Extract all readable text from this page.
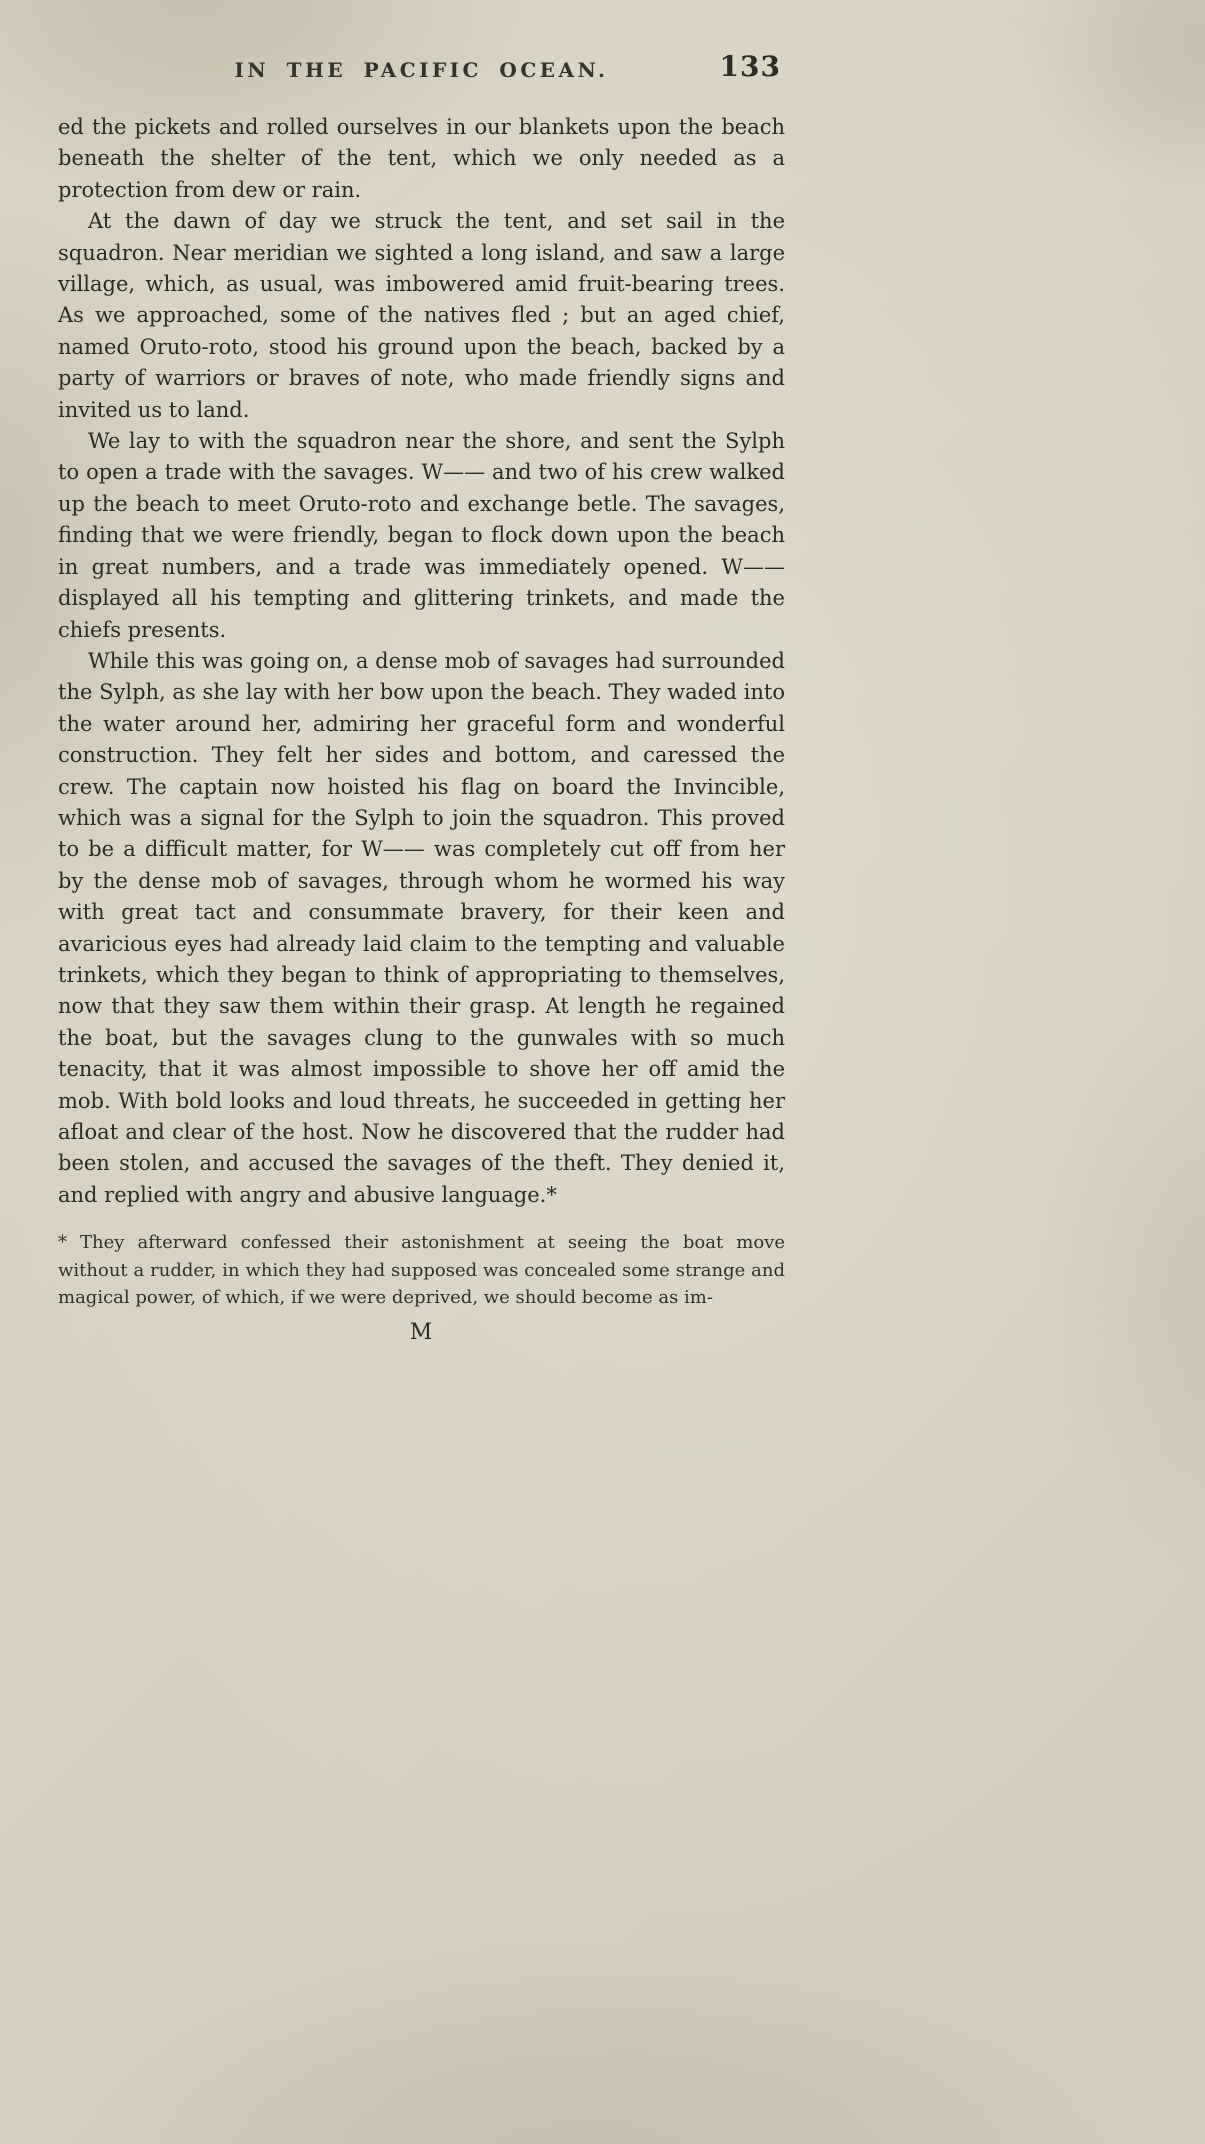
IN THE PACIFIC OCEAN.	133

ed the pickets and rolled ourselves in our blankets upon the beach beneath the shelter of the tent, which we only needed as a protection from dew or rain.

At the dawn of day we struck the tent, and set sail in the squadron. Near meridian we sighted a long island, and saw a large village, which, as usual, was imbowered amid fruit-bearing trees. As we approached, some of the natives fled ; but an aged chief, named Oruto-roto, stood his ground upon the beach, backed by a party of warriors or braves of note, who made friendly signs and invited us to land.

We lay to with the squadron near the shore, and sent the Sylph to open a trade with the savages. W—— and two of his crew walked up the beach to meet Oruto-roto and exchange betle. The savages, finding that we were friendly, began to flock down upon the beach in great numbers, and a trade was immediately opened. W—— displayed all his tempting and glittering trinkets, and made the chiefs presents.

While this was going on, a dense mob of savages had surrounded the Sylph, as she lay with her bow upon the beach. They waded into the water around her, admiring her graceful form and wonderful construction. They felt her sides and bottom, and caressed the crew. The captain now hoisted his flag on board the Invincible, which was a signal for the Sylph to join the squadron. This proved to be a difficult matter, for W—— was completely cut off from her by the dense mob of savages, through whom he wormed his way with great tact and consummate bravery, for their keen and avaricious eyes had already laid claim to the tempting and valuable trinkets, which they began to think of appropriating to themselves, now that they saw them within their grasp. At length he regained the boat, but the savages clung to the gunwales with so much tenacity, that it was almost impossible to shove her off amid the mob. With bold looks and loud threats, he succeeded in getting her afloat and clear of the host. Now he discovered that the rudder had been stolen, and accused the savages of the theft. They denied it, and replied with angry and abusive language.*

* They afterward confessed their astonishment at seeing the boat move without a rudder, in which they had supposed was concealed some strange and magical power, of which, if we were deprived, we should become as im-
M
